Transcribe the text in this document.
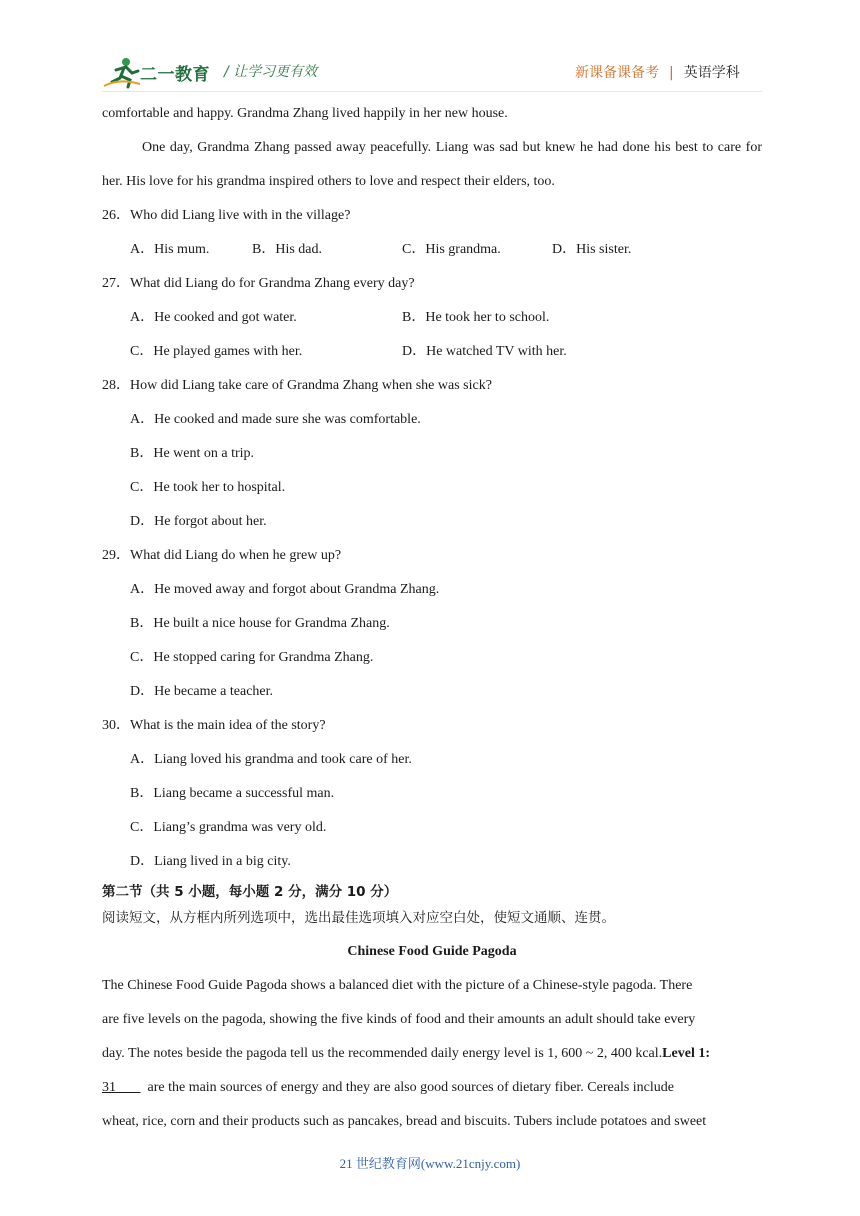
二一教育 / 让学习更有效	新课备课备考 | 英语学科
comfortable and happy. Grandma Zhang lived happily in her new house.
One day, Grandma Zhang passed away peacefully. Liang was sad but knew he had done his best to care for her. His love for his grandma inspired others to love and respect their elders, too.
26．Who did Liang live with in the village?
A．His mum.	B．His dad.	C．His grandma.	D．His sister.
27．What did Liang do for Grandma Zhang every day?
A．He cooked and got water.	B．He took her to school.
C．He played games with her.	D．He watched TV with her.
28．How did Liang take care of Grandma Zhang when she was sick?
A．He cooked and made sure she was comfortable.
B．He went on a trip.
C．He took her to hospital.
D．He forgot about her.
29．What did Liang do when he grew up?
A．He moved away and forgot about Grandma Zhang.
B．He built a nice house for Grandma Zhang.
C．He stopped caring for Grandma Zhang.
D．He became a teacher.
30．What is the main idea of the story?
A．Liang loved his grandma and took care of her.
B．Liang became a successful man.
C．Liang’s grandma was very old.
D．Liang lived in a big city.
第二节（共 5 小题，每小题 2 分，满分 10 分）
阅读短文，从方框内所列选项中，选出最佳选项填入对应空白处，使短文通顺、连贯。
Chinese Food Guide Pagoda
The Chinese Food Guide Pagoda shows a balanced diet with the picture of a Chinese-style pagoda. There
are five levels on the pagoda, showing the five kinds of food and their amounts an adult should take every
day. The notes beside the pagoda tell us the recommended daily energy level is 1, 600 ~ 2, 400 kcal.Level 1:
31 are the main sources of energy and they are also good sources of dietary fiber. Cereals include
wheat, rice, corn and their products such as pancakes, bread and biscuits. Tubers include potatoes and sweet
21 世纪教育网(www.21cnjy.com)
